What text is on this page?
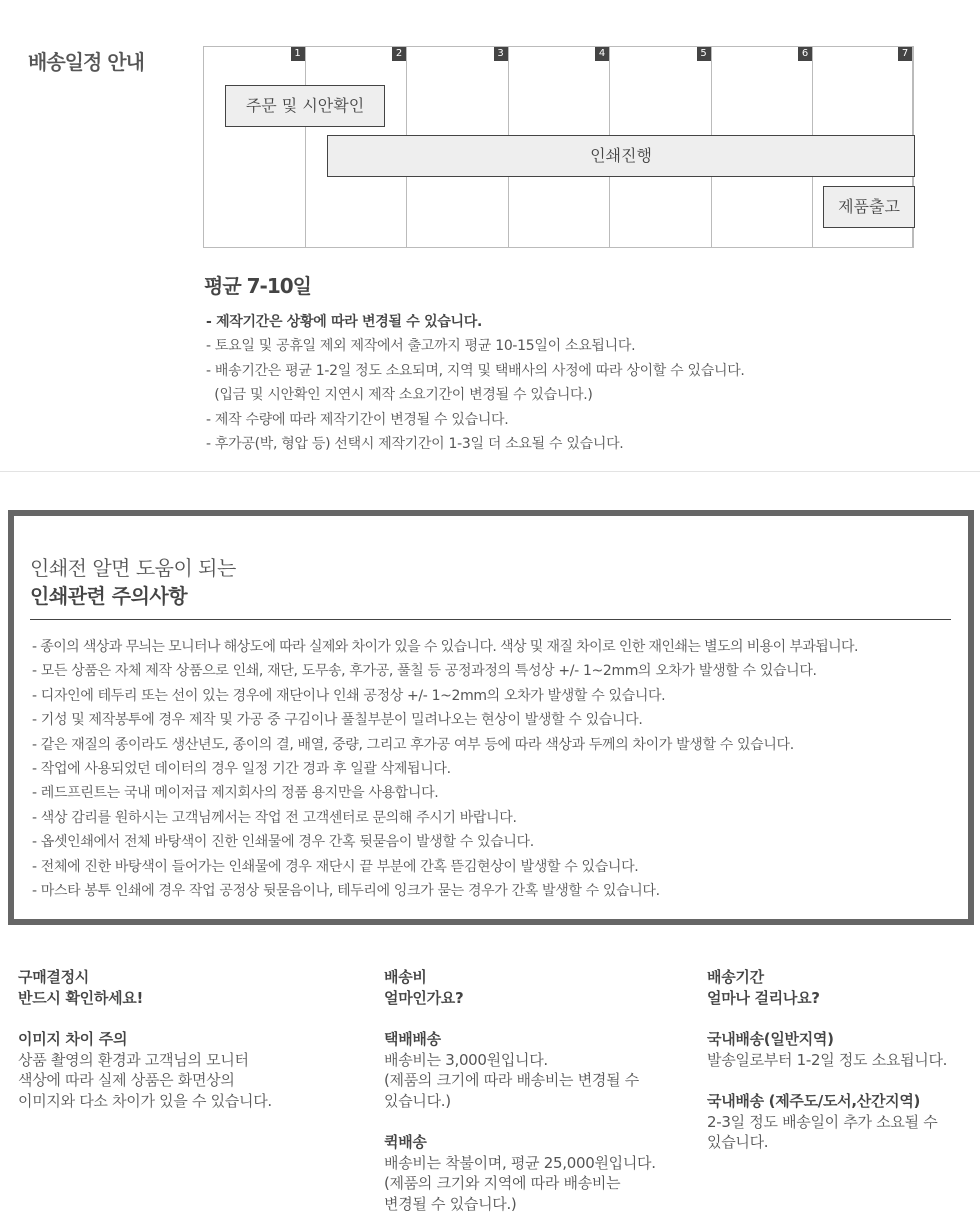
배송일정 안내	1	2	3	4	5	6	7
주문 및 시안확인
인쇄진행
제품출고
평균 7-10일
- 제작기간은 상황에 따라 변경될 수 있습니다.
- 토요일 및 공휴일 제외 제작에서 출고까지 평균 10-15일이 소요됩니다.
- 배송기간은 평균 1-2일 정도 소요되며, 지역 및 택배사의 사정에 따라 상이할 수 있습니다.
(입금 및 시안확인 지연시 제작 소요기간이 변경될 수 있습니다.)
- 제작 수량에 따라 제작기간이 변경될 수 있습니다.
- 후가공(박, 형압 등) 선택시 제작기간이 1-3일 더 소요될 수 있습니다.
인쇄전 알면 도움이 되는
인쇄관련 주의사항
- 종이의 색상과 무늬는 모니터나 해상도에 따라 실제와 차이가 있을 수 있습니다. 색상 및 재질 차이로 인한 재인쇄는 별도의 비용이 부과됩니다.
- 모든 상품은 자체 제작 상품으로 인쇄, 재단, 도무송, 후가공, 풀칠 등 공정과정의 특성상 +/- 1~2mm의 오차가 발생할 수 있습니다.
- 디자인에 테두리 또는 선이 있는 경우에 재단이나 인쇄 공정상 +/- 1~2mm의 오차가 발생할 수 있습니다.
- 기성 및 제작봉투에 경우 제작 및 가공 중 구김이나 풀칠부분이 밀려나오는 현상이 발생할 수 있습니다.
- 같은 재질의 종이라도 생산년도, 종이의 결, 배열, 중량, 그리고 후가공 여부 등에 따라 색상과 두께의 차이가 발생할 수 있습니다.
- 작업에 사용되었던 데이터의 경우 일정 기간 경과 후 일괄 삭제됩니다.
- 레드프린트는 국내 메이저급 제지회사의 정품 용지만을 사용합니다.
- 색상 감리를 원하시는 고객님께서는 작업 전 고객센터로 문의해 주시기 바랍니다.
- 옵셋인쇄에서 전체 바탕색이 진한 인쇄물에 경우 간혹 뒷묻음이 발생할 수 있습니다.
- 전체에 진한 바탕색이 들어가는 인쇄물에 경우 재단시 끝 부분에 간혹 뜯김현상이 발생할 수 있습니다.
- 마스타 봉투 인쇄에 경우 작업 공정상 뒷묻음이나, 테두리에 잉크가 묻는 경우가 간혹 발생할 수 있습니다.
구매결정시
반드시 확인하세요!
이미지 차이 주의
상품 촬영의 환경과 고객님의 모니터
색상에 따라 실제 상품은 화면상의
이미지와 다소 차이가 있을 수 있습니다.
배송비
얼마인가요?
택배배송
배송비는 3,000원입니다.
(제품의 크기에 따라 배송비는 변경될 수
있습니다.)
퀵배송
배송비는 착불이며, 평균 25,000원입니다.
(제품의 크기와 지역에 따라 배송비는
변경될 수 있습니다.)
배송기간
얼마나 걸리나요?
국내배송(일반지역)
발송일로부터 1-2일 정도 소요됩니다.
국내배송 (제주도/도서,산간지역)
2-3일 정도 배송일이 추가 소요될 수
있습니다.
